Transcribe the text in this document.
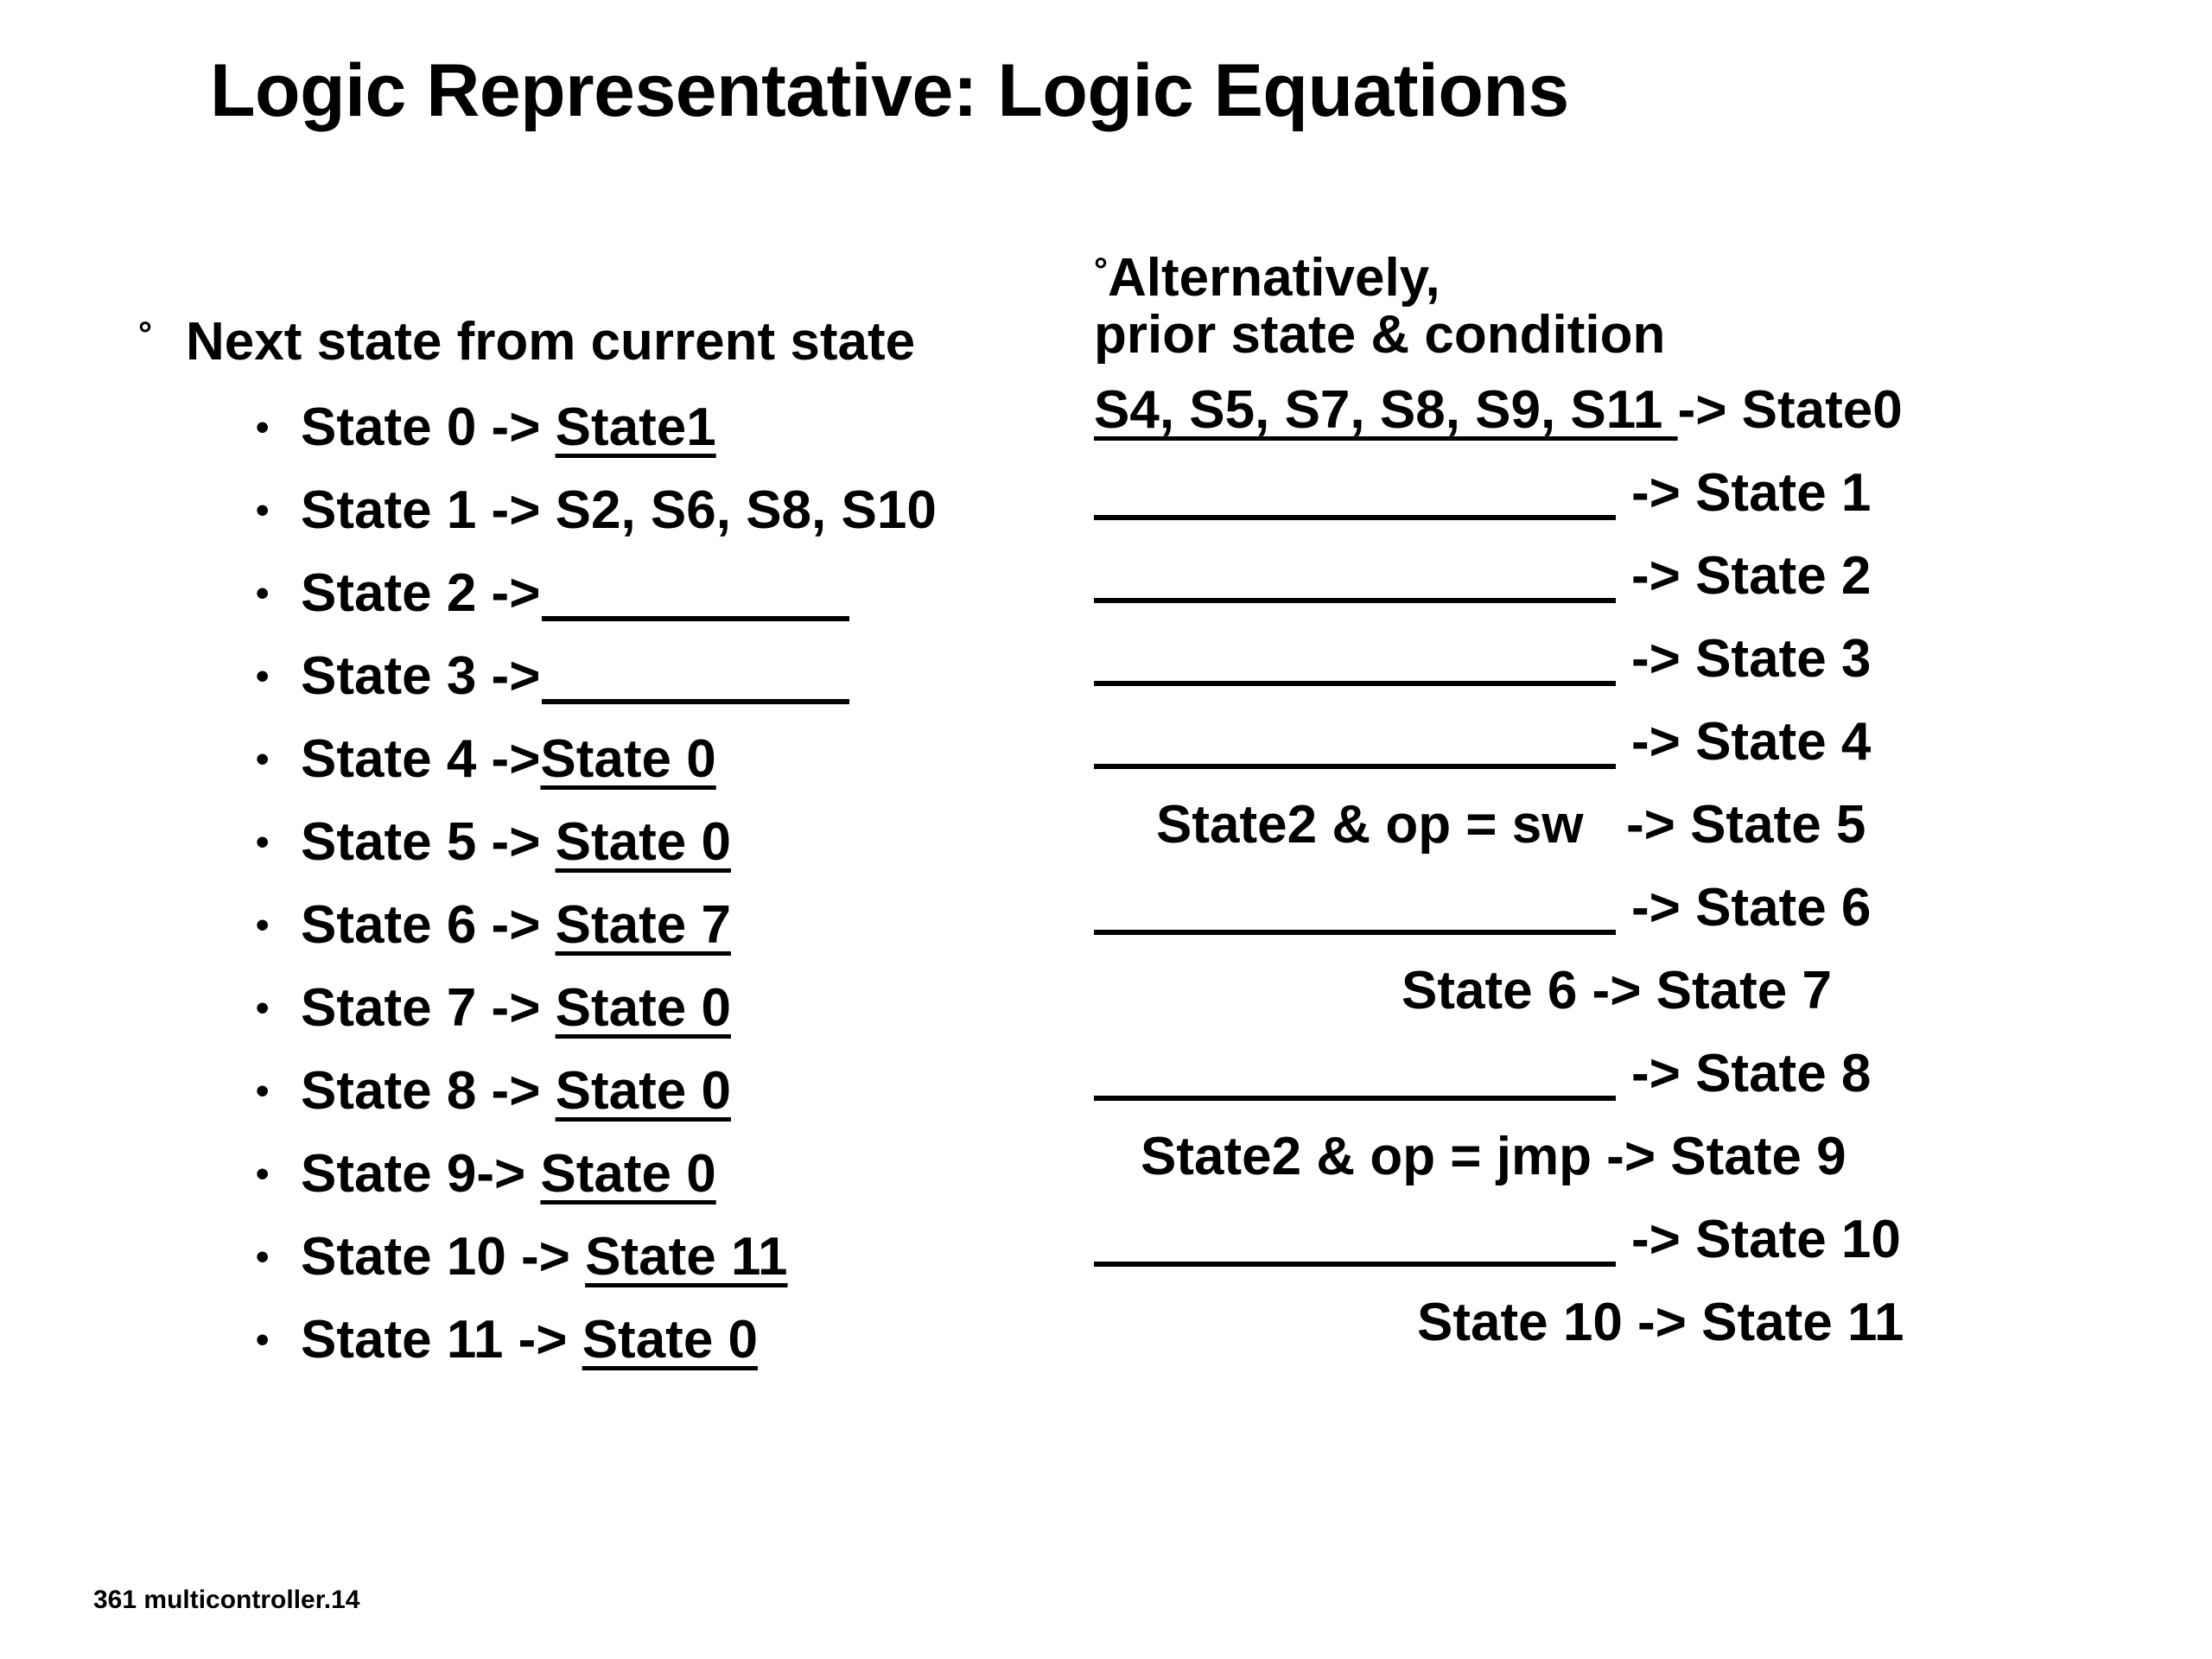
Logic Representative: Logic Equations
° Next state from current state
• State 0 -> State1
• State 1 -> S2, S6, S8, S10
• State 2 ->
• State 3 ->
• State 4 ->State 0
• State 5 -> State 0
• State 6 -> State 7
• State 7 -> State 0
• State 8 -> State 0
• State 9-> State 0
• State 10 -> State 11
• State 11 -> State 0
°Alternatively,
prior state & condition
S4, S5, S7, S8, S9, S11 -> State0
-> State 1
-> State 2
-> State 3
-> State 4
State2 & op = sw -> State 5
-> State 6
State 6 -> State 7
-> State 8
State2 & op = jmp -> State 9
-> State 10
State 10 -> State 11
361 multicontroller.14
